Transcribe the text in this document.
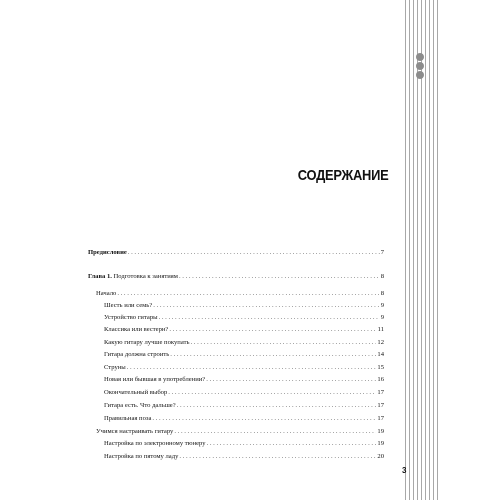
СОДЕРЖАНИЕ
Предисловие . . .	7
Глава 1. Подготовка к занятиям . . .	8
Начало . . .	8
Шесть или семь? . . .	9
Устройство гитары . . .	9
Классика или вестерн? . . .	11
Какую гитару лучше покупать . . .	12
Гитара должна строить . . .	14
Струны . . .	15
Новая или бывшая в употреблении? . . .	16
Окончательный выбор . . .	17
Гитара есть. Что дальше? . . .	17
Правильная поза . . .	17
Учимся настраивать гитару . . .	19
Настройка по электронному тюнеру . . .	19
Настройка по пятому ладу . . .	20
3
